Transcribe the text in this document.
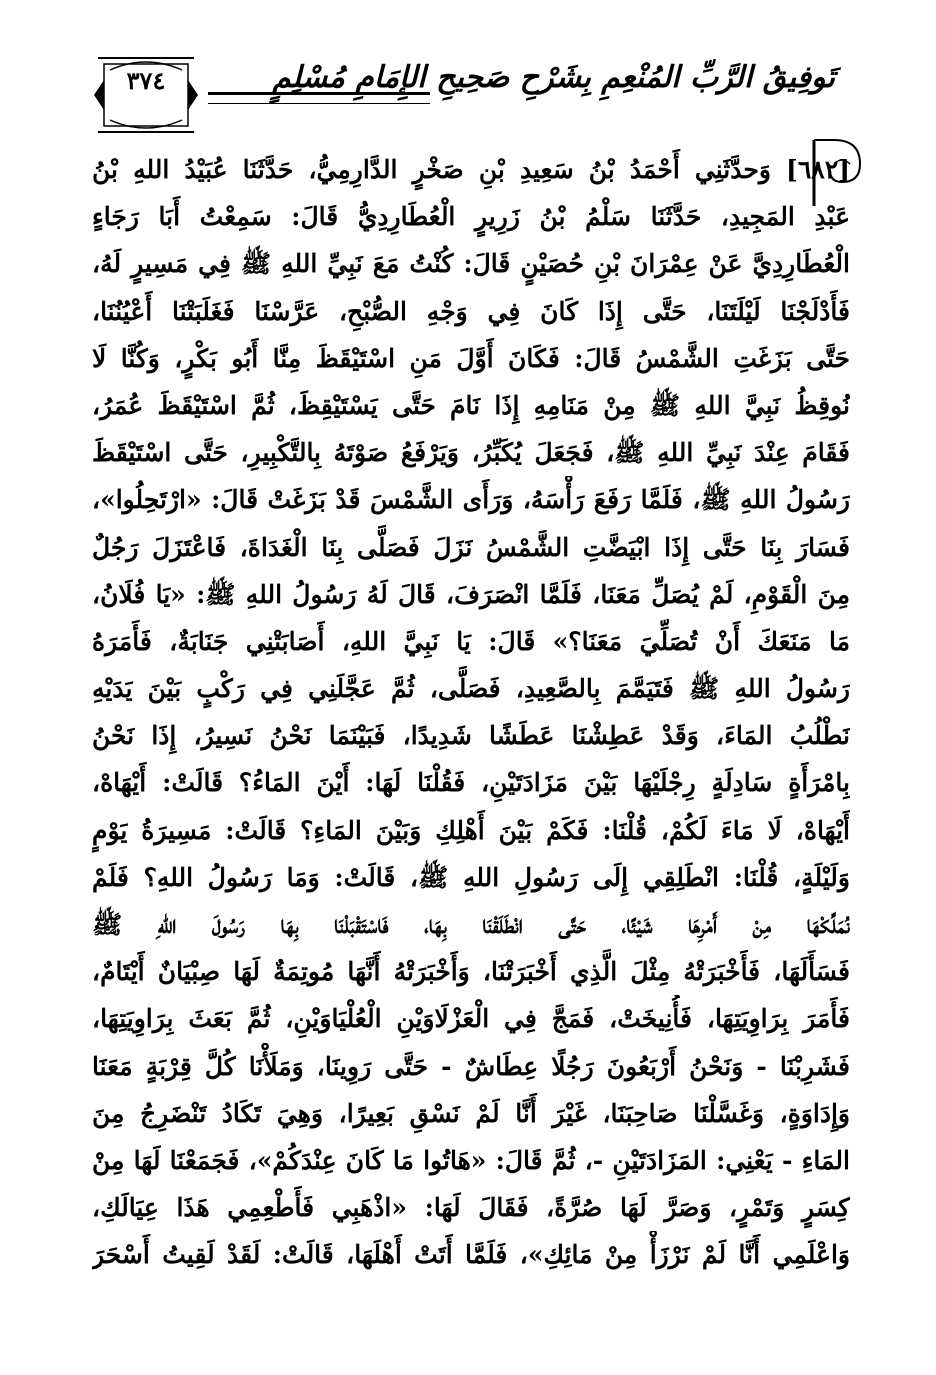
٣٧٤	تَوفِيقُ الرَّبِّ المُنْعِمِ بِشَرْحِ صَحِيحِ الإِمَامِ مُسْلِمٍ
[٦٨٢] وَحدَّثَنِي أَحْمَدُ بْنُ سَعِيدِ بْنِ صَخْرٍ الدَّارِمِيُّ، حَدَّثَنَا عُبَيْدُ اللهِ بْنُ
عَبْدِ المَجِيدِ، حَدَّثَنَا سَلْمُ بْنُ زَرِيرٍ الْعُطَارِدِيُّ قَالَ: سَمِعْتُ أَبَا رَجَاءٍ
الْعُطَارِدِيَّ عَنْ عِمْرَانَ بْنِ حُصَيْنٍ قَالَ: كُنْتُ مَعَ نَبِيِّ اللهِ ﷺ فِي مَسِيرٍ لَهُ،
فَأَدْلَجْنَا لَيْلَتَنَا، حَتَّى إِذَا كَانَ فِي وَجْهِ الصُّبْحِ، عَرَّسْنَا فَغَلَبَتْنَا أَعْيُنُنَا،
حَتَّى بَزَغَتِ الشَّمْسُ قَالَ: فَكَانَ أَوَّلَ مَنِ اسْتَيْقَظَ مِنَّا أَبُو بَكْرٍ، وَكُنَّا لَا
نُوقِظُ نَبِيَّ اللهِ ﷺ مِنْ مَنَامِهِ إِذَا نَامَ حَتَّى يَسْتَيْقِظَ، ثُمَّ اسْتَيْقَظَ عُمَرُ،
فَقَامَ عِنْدَ نَبِيِّ اللهِ ﷺ، فَجَعَلَ يُكَبِّرُ، وَيَرْفَعُ صَوْتَهُ بِالتَّكْبِيرِ، حَتَّى اسْتَيْقَظَ
رَسُولُ اللهِ ﷺ، فَلَمَّا رَفَعَ رَأْسَهُ، وَرَأَى الشَّمْسَ قَدْ بَزَغَتْ قَالَ: «ارْتَحِلُوا»،
فَسَارَ بِنَا حَتَّى إِذَا ابْيَضَّتِ الشَّمْسُ نَزَلَ فَصَلَّى بِنَا الْغَدَاةَ، فَاعْتَزَلَ رَجُلٌ
مِنَ الْقَوْمِ، لَمْ يُصَلِّ مَعَنَا، فَلَمَّا انْصَرَفَ، قَالَ لَهُ رَسُولُ اللهِ ﷺ: «يَا فُلَانُ،
مَا مَنَعَكَ أَنْ تُصَلِّيَ مَعَنَا؟» قَالَ: يَا نَبِيَّ اللهِ، أَصَابَتْنِي جَنَابَةٌ، فَأَمَرَهُ
رَسُولُ اللهِ ﷺ فَتَيَمَّمَ بِالصَّعِيدِ، فَصَلَّى، ثُمَّ عَجَّلَنِي فِي رَكْبٍ بَيْنَ يَدَيْهِ
نَطْلُبُ المَاءَ، وَقَدْ عَطِشْنَا عَطَشًا شَدِيدًا، فَبَيْنَمَا نَحْنُ نَسِيرُ، إِذَا نَحْنُ
بِامْرَأَةٍ سَادِلَةٍ رِجْلَيْهَا بَيْنَ مَزَادَتَيْنِ، فَقُلْنَا لَهَا: أَيْنَ المَاءُ؟ قَالَتْ: أَيْهَاهْ،
أَيْهَاهْ، لَا مَاءَ لَكُمْ، قُلْنَا: فَكَمْ بَيْنَ أَهْلِكِ وَبَيْنَ المَاءِ؟ قَالَتْ: مَسِيرَةُ يَوْمٍ
وَلَيْلَةٍ، قُلْنَا: انْطَلِقِي إِلَى رَسُولِ اللهِ ﷺ، قَالَتْ: وَمَا رَسُولُ اللهِ؟ فَلَمْ
نُمَلِّكْهَا مِنْ أَمْرِهَا شَيْئًا، حَتَّى انْطَلَقْنَا بِهَا، فَاسْتَقْبَلْنَا بِهَا رَسُولَ اللهِ ﷺ
فَسَأَلَهَا، فَأَخْبَرَتْهُ مِثْلَ الَّذِي أَخْبَرَتْنَا، وَأَخْبَرَتْهُ أَنَّهَا مُوتِمَةٌ لَهَا صِبْيَانٌ أَيْتَامٌ،
فَأَمَرَ بِرَاوِيَتِهَا، فَأُنِيخَتْ، فَمَجَّ فِي الْعَزْلَاوَيْنِ الْعُلْيَاوَيْنِ، ثُمَّ بَعَثَ بِرَاوِيَتِهَا،
فَشَرِبْنَا - وَنَحْنُ أَرْبَعُونَ رَجُلًا عِطَاشٌ - حَتَّى رَوِينَا، وَمَلَأْنَا كُلَّ قِرْبَةٍ مَعَنَا
وَإِدَاوَةٍ، وَغَسَّلْنَا صَاحِبَنَا، غَيْرَ أَنَّا لَمْ نَسْقِ بَعِيرًا، وَهِيَ تَكَادُ تَنْضَرِجُ مِنَ
المَاءِ - يَعْنِي: المَزَادَتَيْنِ -، ثُمَّ قَالَ: «هَاتُوا مَا كَانَ عِنْدَكُمْ»، فَجَمَعْنَا لَهَا مِنْ
كِسَرٍ وَتَمْرٍ، وَصَرَّ لَهَا صُرَّةً، فَقَالَ لَهَا: «اذْهَبِي فَأَطْعِمِي هَذَا عِيَالَكِ،
وَاعْلَمِي أَنَّا لَمْ نَرْزَأْ مِنْ مَائِكِ»، فَلَمَّا أَتَتْ أَهْلَهَا، قَالَتْ: لَقَدْ لَقِيتُ أَسْحَرَ
